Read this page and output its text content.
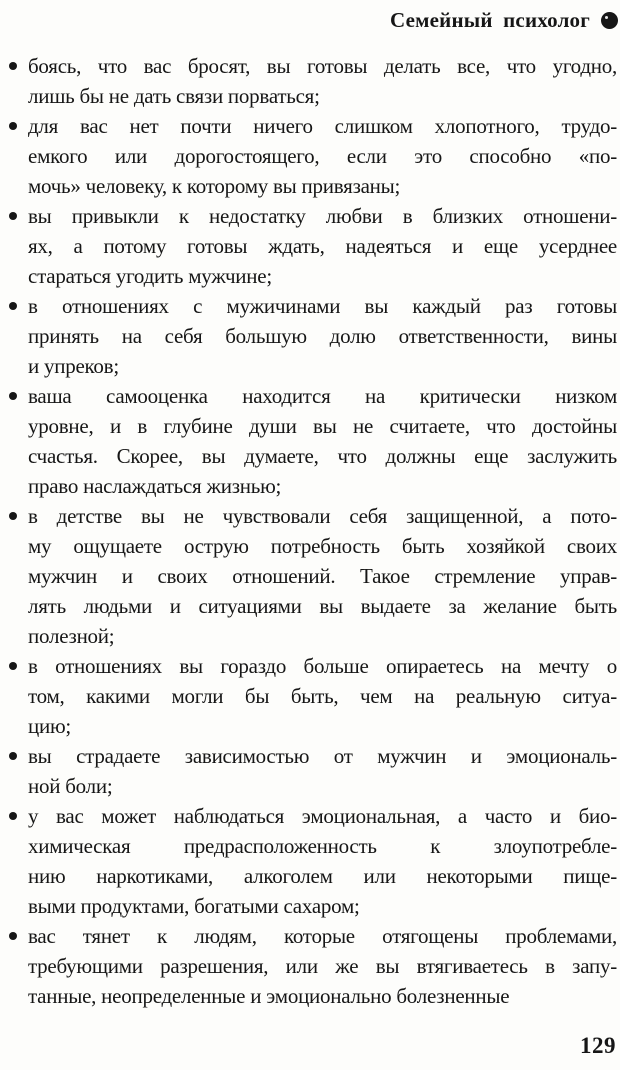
Семейный психолог
боясь, что вас бросят, вы готовы делать все, что угодно,
лишь бы не дать связи порваться;
для вас нет почти ничего слишком хлопотного, трудо-
емкого или дорогостоящего, если это способно «по-
мочь» человеку, к которому вы привязаны;
вы привыкли к недостатку любви в близких отношени-
ях, а потому готовы ждать, надеяться и еще усерднее
стараться угодить мужчине;
в отношениях с мужичинами вы каждый раз готовы
принять на себя большую долю ответственности, вины
и упреков;
ваша самооценка находится на критически низком
уровне, и в глубине души вы не считаете, что достойны
счастья. Скорее, вы думаете, что должны еще заслужить
право наслаждаться жизнью;
в детстве вы не чувствовали себя защищенной, а пото-
му ощущаете острую потребность быть хозяйкой своих
мужчин и своих отношений. Такое стремление управ-
лять людьми и ситуациями вы выдаете за желание быть
полезной;
в отношениях вы гораздо больше опираетесь на мечту о
том, какими могли бы быть, чем на реальную ситуа-
цию;
вы страдаете зависимостью от мужчин и эмоциональ-
ной боли;
у вас может наблюдаться эмоциональная, а часто и био-
химическая предрасположенность к злоупотребле-
нию наркотиками, алкоголем или некоторыми пище-
выми продуктами, богатыми сахаром;
вас тянет к людям, которые отягощены проблемами,
требующими разрешения, или же вы втягиваетесь в запу-
танные, неопределенные и эмоционально болезненные
129
